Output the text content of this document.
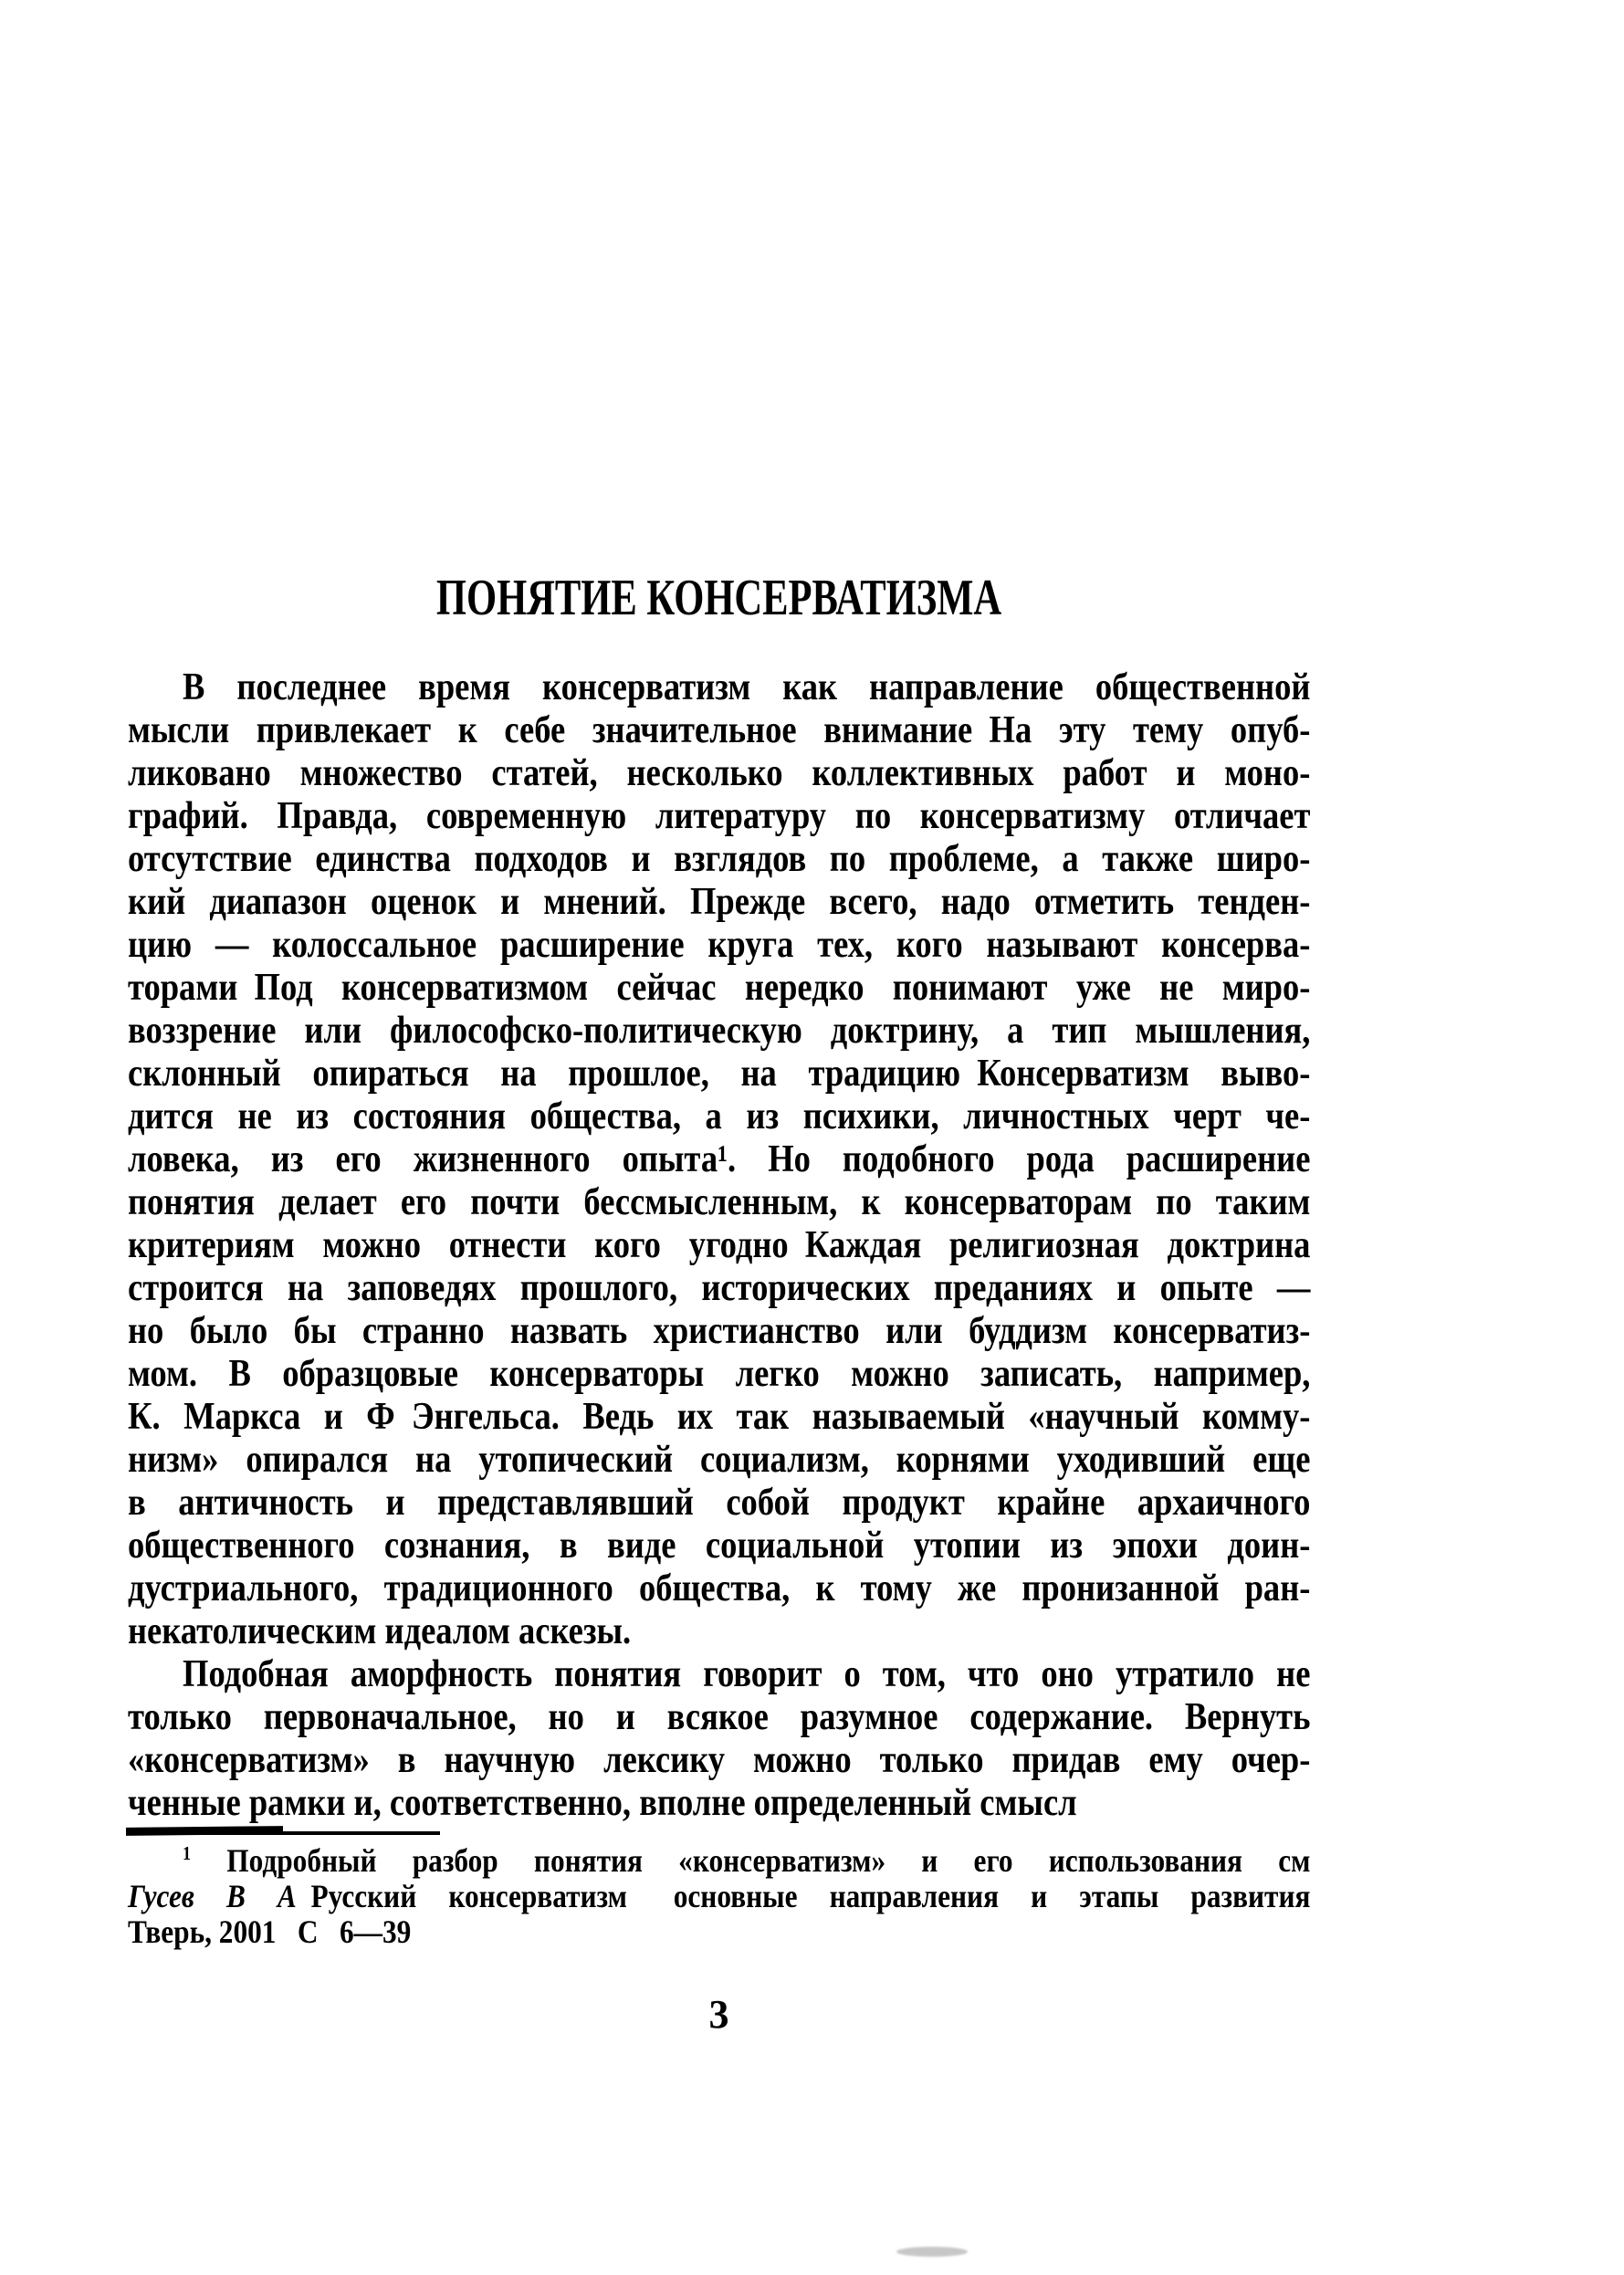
ПОНЯТИЕ КОНСЕРВАТИЗМА
В последнее время консерватизм как направление общественной
мысли привлекает к себе значительное внимание На эту тему опуб-
ликовано множество статей, несколько коллективных работ и моно-
графий. Правда, современную литературу по консерватизму отличает
отсутствие единства подходов и взглядов по проблеме, а также широ-
кий диапазон оценок и мнений. Прежде всего, надо отметить тенден-
цию — колоссальное расширение круга тех, кого называют консерва-
торами Под консерватизмом сейчас нередко понимают уже не миро-
воззрение или философско-политическую доктрину, а тип мышления,
склонный опираться на прошлое, на традицию Консерватизм выво-
дится не из состояния общества, а из психики, личностных черт че-
ловека, из его жизненного опыта¹. Но подобного рода расширение
понятия делает его почти бессмысленным, к консерваторам по таким
критериям можно отнести кого угодно Каждая религиозная доктрина
строится на заповедях прошлого, исторических преданиях и опыте —
но было бы странно назвать христианство или буддизм консерватиз-
мом. В образцовые консерваторы легко можно записать, например,
К. Маркса и Ф Энгельса. Ведь их так называемый «научный комму-
низм» опирался на утопический социализм, корнями уходивший еще
в античность и представлявший собой продукт крайне архаичного
общественного сознания, в виде социальной утопии из эпохи доин-
дустриального, традиционного общества, к тому же пронизанной ран-
некатолическим идеалом аскезы.
Подобная аморфность понятия говорит о том, что оно утратило не
только первоначальное, но и всякое разумное содержание. Вернуть
«консерватизм» в научную лексику можно только придав ему очер-
ченные рамки и, соответственно, вполне определенный смысл
$^1$ Подробный разбор понятия «консерватизм» и его использования см
Гусев В А Русский консерватизм  основные направления и этапы развития
Тверь, 2001  С  6—39
3
